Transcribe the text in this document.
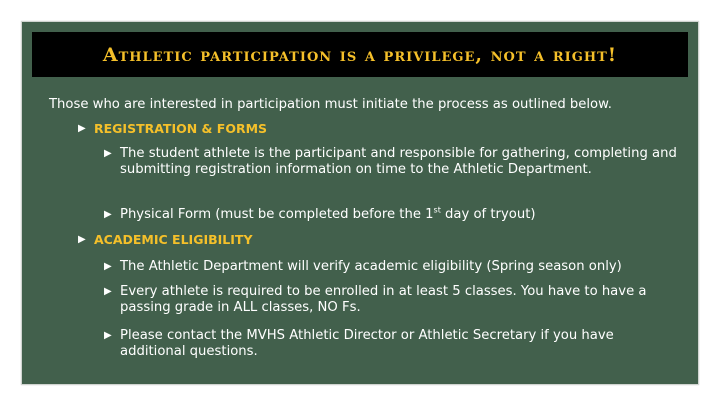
Athletic participation is a privilege, not a right!
Those who are interested in participation must initiate the process as outlined below.
▶ REGISTRATION & FORMS
▶ The student athlete is the participant and responsible for gathering, completing and submitting registration information on time to the Athletic Department.
▶ Physical Form (must be completed before the 1st day of tryout)
▶ ACADEMIC ELIGIBILITY
▶ The Athletic Department will verify academic eligibility (Spring season only)
▶ Every athlete is required to be enrolled in at least 5 classes. You have to have a passing grade in ALL classes, NO Fs.
▶ Please contact the MVHS Athletic Director or Athletic Secretary if you have additional questions.
